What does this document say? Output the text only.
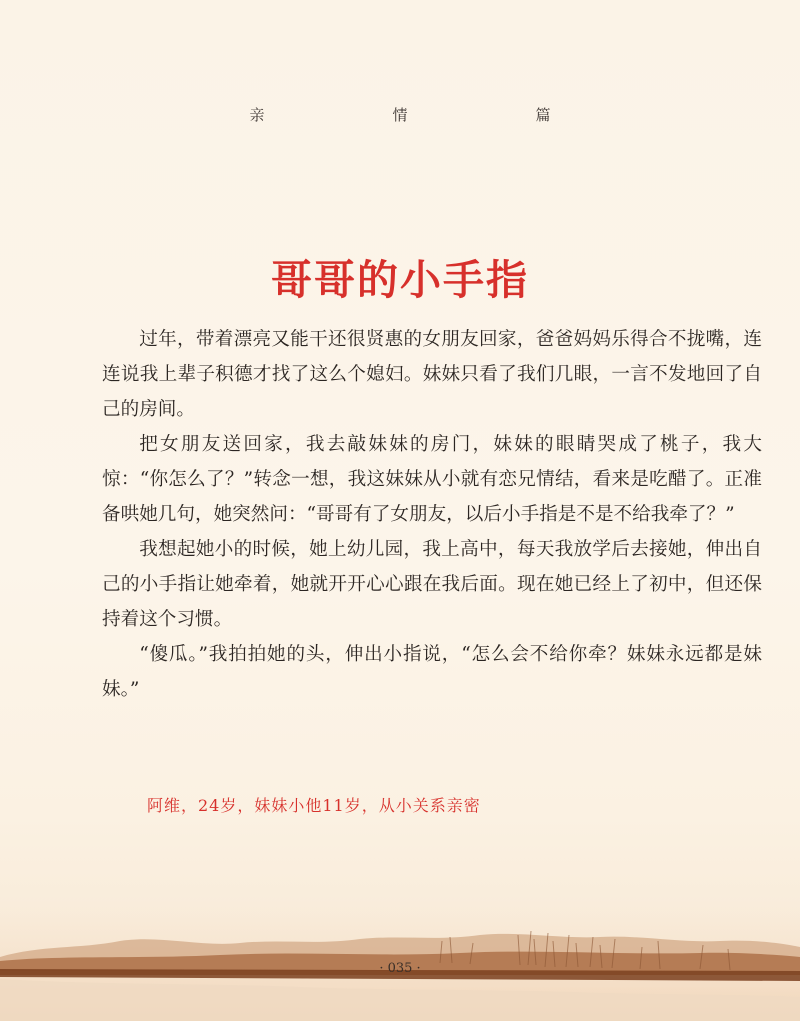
亲	情	篇
哥哥的小手指

过年，带着漂亮又能干还很贤惠的女朋友回家，爸爸妈妈乐得合不拢嘴，连连说我上辈子积德才找了这么个媳妇。妹妹只看了我们几眼，一言不发地回了自己的房间。

把女朋友送回家，我去敲妹妹的房门，妹妹的眼睛哭成了桃子，我大惊：“你怎么了？”转念一想，我这妹妹从小就有恋兄情结，看来是吃醋了。正准备哄她几句，她突然问：“哥哥有了女朋友，以后小手指是不是不给我牵了？”

我想起她小的时候，她上幼儿园，我上高中，每天我放学后去接她，伸出自己的小手指让她牵着，她就开开心心跟在我后面。现在她已经上了初中，但还保持着这个习惯。

“傻瓜。”我拍拍她的头，伸出小指说，“怎么会不给你牵？妹妹永远都是妹妹。”

阿维，24岁，妹妹小他11岁，从小关系亲密
· 035 ·
